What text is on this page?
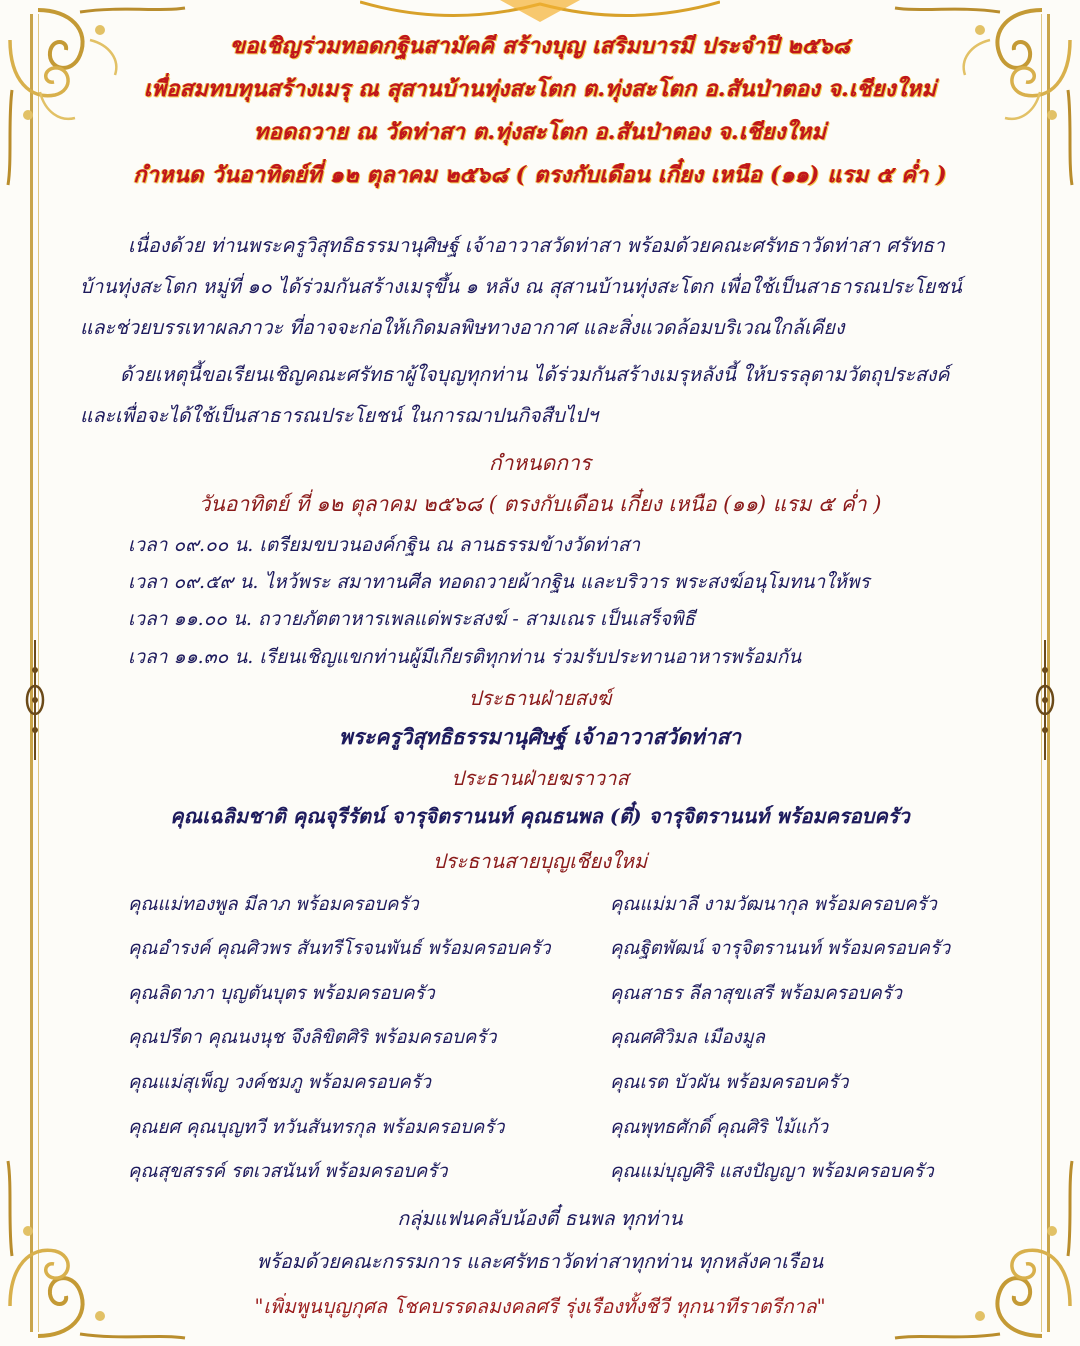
ขอเชิญร่วมทอดกฐินสามัคคี สร้างบุญ เสริมบารมี ประจำปี ๒๕๖๘
เพื่อสมทบทุนสร้างเมรุ ณ สุสานบ้านทุ่งสะโตก ต.ทุ่งสะโตก อ.สันป่าตอง จ.เชียงใหม่
ทอดถวาย ณ วัดท่าสา ต.ทุ่งสะโตก อ.สันป่าตอง จ.เชียงใหม่
กำหนด วันอาทิตย์ที่ ๑๒ ตุลาคม ๒๕๖๘ ( ตรงกับเดือน เกี๋ยง เหนือ (๑๑) แรม ๕ ค่ำ )
เนื่องด้วย ท่านพระครูวิสุทธิธรรมานุศิษฐ์ เจ้าอาวาสวัดท่าสา พร้อมด้วยคณะศรัทธาวัดท่าสา ศรัทธา
บ้านทุ่งสะโตก หมู่ที่ ๑๐ ได้ร่วมกันสร้างเมรุขึ้น ๑ หลัง ณ สุสานบ้านทุ่งสะโตก เพื่อใช้เป็นสาธารณประโยชน์
และช่วยบรรเทาผลภาวะ ที่อาจจะก่อให้เกิดมลพิษทางอากาศ และสิ่งแวดล้อมบริเวณใกล้เคียง
ด้วยเหตุนี้ขอเรียนเชิญคณะศรัทธาผู้ใจบุญทุกท่าน ได้ร่วมกันสร้างเมรุหลังนี้ ให้บรรลุตามวัตถุประสงค์
และเพื่อจะได้ใช้เป็นสาธารณประโยชน์ ในการฌาปนกิจสืบไปฯ
กำหนดการ
วันอาทิตย์ ที่ ๑๒ ตุลาคม ๒๕๖๘ ( ตรงกับเดือน เกี๋ยง เหนือ (๑๑) แรม ๕ ค่ำ )
เวลา ๐๙.๐๐ น. เตรียมขบวนองค์กฐิน ณ ลานธรรมข้างวัดท่าสา
เวลา ๐๙.๕๙ น. ไหว้พระ สมาทานศีล ทอดถวายผ้ากฐิน และบริวาร พระสงฆ์อนุโมทนาให้พร
เวลา ๑๑.๐๐ น. ถวายภัตตาหารเพลแด่พระสงฆ์ - สามเณร เป็นเสร็จพิธี
เวลา ๑๑.๓๐ น. เรียนเชิญแขกท่านผู้มีเกียรติทุกท่าน ร่วมรับประทานอาหารพร้อมกัน
ประธานฝ่ายสงฆ์
พระครูวิสุทธิธรรมานุศิษฐ์ เจ้าอาวาสวัดท่าสา
ประธานฝ่ายฆราวาส
คุณเฉลิมชาติ คุณจุรีรัตน์ จารุจิตรานนท์ คุณธนพล (ตี๋) จารุจิตรานนท์ พร้อมครอบครัว
ประธานสายบุญเชียงใหม่
คุณแม่ทองพูล มีลาภ พร้อมครอบครัว
คุณอำรงค์ คุณศิวพร สันทรีโรจนพันธ์ พร้อมครอบครัว
คุณลิดาภา บุญตันบุตร พร้อมครอบครัว
คุณปรีดา คุณนงนุช จึงลิขิตศิริ พร้อมครอบครัว
คุณแม่สุเพ็ญ วงค์ชมภู พร้อมครอบครัว
คุณยศ คุณบุญทวี ทวันสันทรกุล พร้อมครอบครัว
คุณสุขสรรค์ รตเวสนันท์ พร้อมครอบครัว
คุณแม่มาลี งามวัฒนากุล พร้อมครอบครัว
คุณฐิตพัฒน์ จารุจิตรานนท์ พร้อมครอบครัว
คุณสาธร ลีลาสุขเสรี พร้อมครอบครัว
คุณศศิวิมล เมืองมูล
คุณเรต บัวผัน พร้อมครอบครัว
คุณพุทธศักดิ์ คุณศิริ ไม้แก้ว
คุณแม่บุญศิริ แสงปัญญา พร้อมครอบครัว
กลุ่มแฟนคลับน้องตี๋ ธนพล ทุกท่าน
พร้อมด้วยคณะกรรมการ และศรัทธาวัดท่าสาทุกท่าน ทุกหลังคาเรือน
"เพิ่มพูนบุญกุศล โชคบรรดลมงคลศรี รุ่งเรืองทั้งชีวี ทุกนาทีราตรีกาล"
